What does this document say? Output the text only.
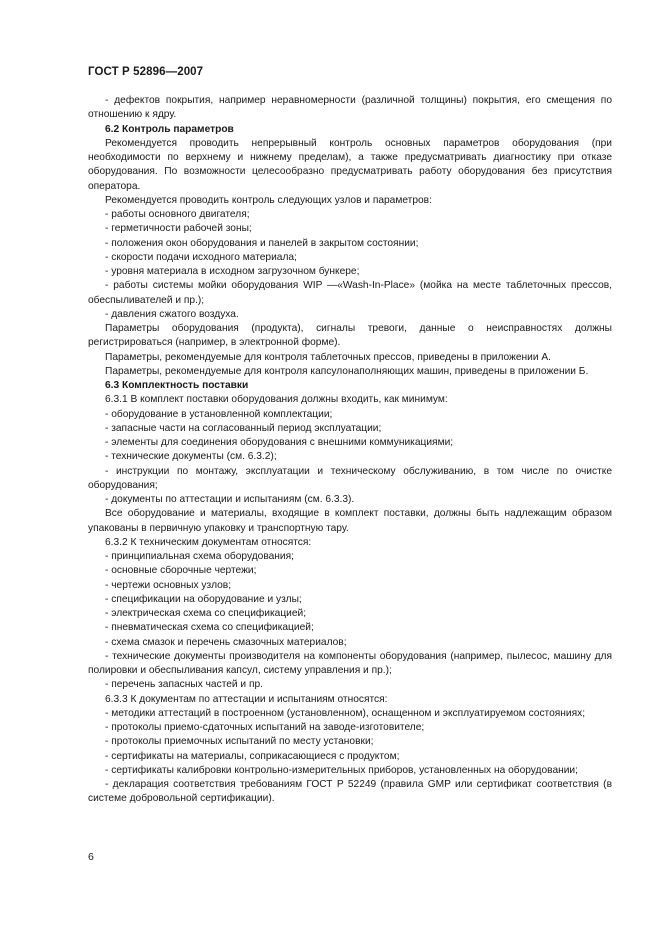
ГОСТ Р 52896—2007

- дефектов покрытия, например неравномерности (различной толщины) покрытия, его смещения по отношению к ядру.

6.2 Контроль параметров

Рекомендуется проводить непрерывный контроль основных параметров оборудования (при необходимости по верхнему и нижнему пределам), а также предусматривать диагностику при отказе оборудования. По возможности целесообразно предусматривать работу оборудования без присутствия оператора.

Рекомендуется проводить контроль следующих узлов и параметров:

- работы основного двигателя;

- герметичности рабочей зоны;

- положения окон оборудования и панелей в закрытом состоянии;

- скорости подачи исходного материала;

- уровня материала в исходном загрузочном бункере;

- работы системы мойки оборудования WIP —«Wash-In-Place» (мойка на месте таблеточных прессов, обеспыливателей и пр.);

- давления сжатого воздуха.

Параметры оборудования (продукта), сигналы тревоги, данные о неисправностях должны регистрироваться (например, в электронной форме).

Параметры, рекомендуемые для контроля таблеточных прессов, приведены в приложении А.

Параметры, рекомендуемые для контроля капсулонаполняющих машин, приведены в приложении Б.

6.3 Комплектность поставки

6.3.1 В комплект поставки оборудования должны входить, как минимум:

- оборудование в установленной комплектации;

- запасные части на согласованный период эксплуатации;

- элементы для соединения оборудования с внешними коммуникациями;

- технические документы (см. 6.3.2);

- инструкции по монтажу, эксплуатации и техническому обслуживанию, в том числе по очистке оборудования;

- документы по аттестации и испытаниям (см. 6.3.3).

Все оборудование и материалы, входящие в комплект поставки, должны быть надлежащим образом упакованы в первичную упаковку и транспортную тару.

6.3.2 К техническим документам относятся:

- принципиальная схема оборудования;

- основные сборочные чертежи;

- чертежи основных узлов;

- спецификации на оборудование и узлы;

- электрическая схема со спецификацией;

- пневматическая схема со спецификацией;

- схема смазок и перечень смазочных материалов;

- технические документы производителя на компоненты оборудования (например, пылесос, машину для полировки и обеспыливания капсул, систему управления и пр.);

- перечень запасных частей и пр.

6.3.3 К документам по аттестации и испытаниям относятся:

- методики аттестаций в построенном (установленном), оснащенном и эксплуатируемом состояниях;

- протоколы приемо-сдаточных испытаний на заводе-изготовителе;

- протоколы приемочных испытаний по месту установки;

- сертификаты на материалы, соприкасающиеся с продуктом;

- сертификаты калибровки контрольно-измерительных приборов, установленных на оборудовании;

- декларация соответствия требованиям ГОСТ Р 52249 (правила GMP или сертификат соответствия (в системе добровольной сертификации).

6
